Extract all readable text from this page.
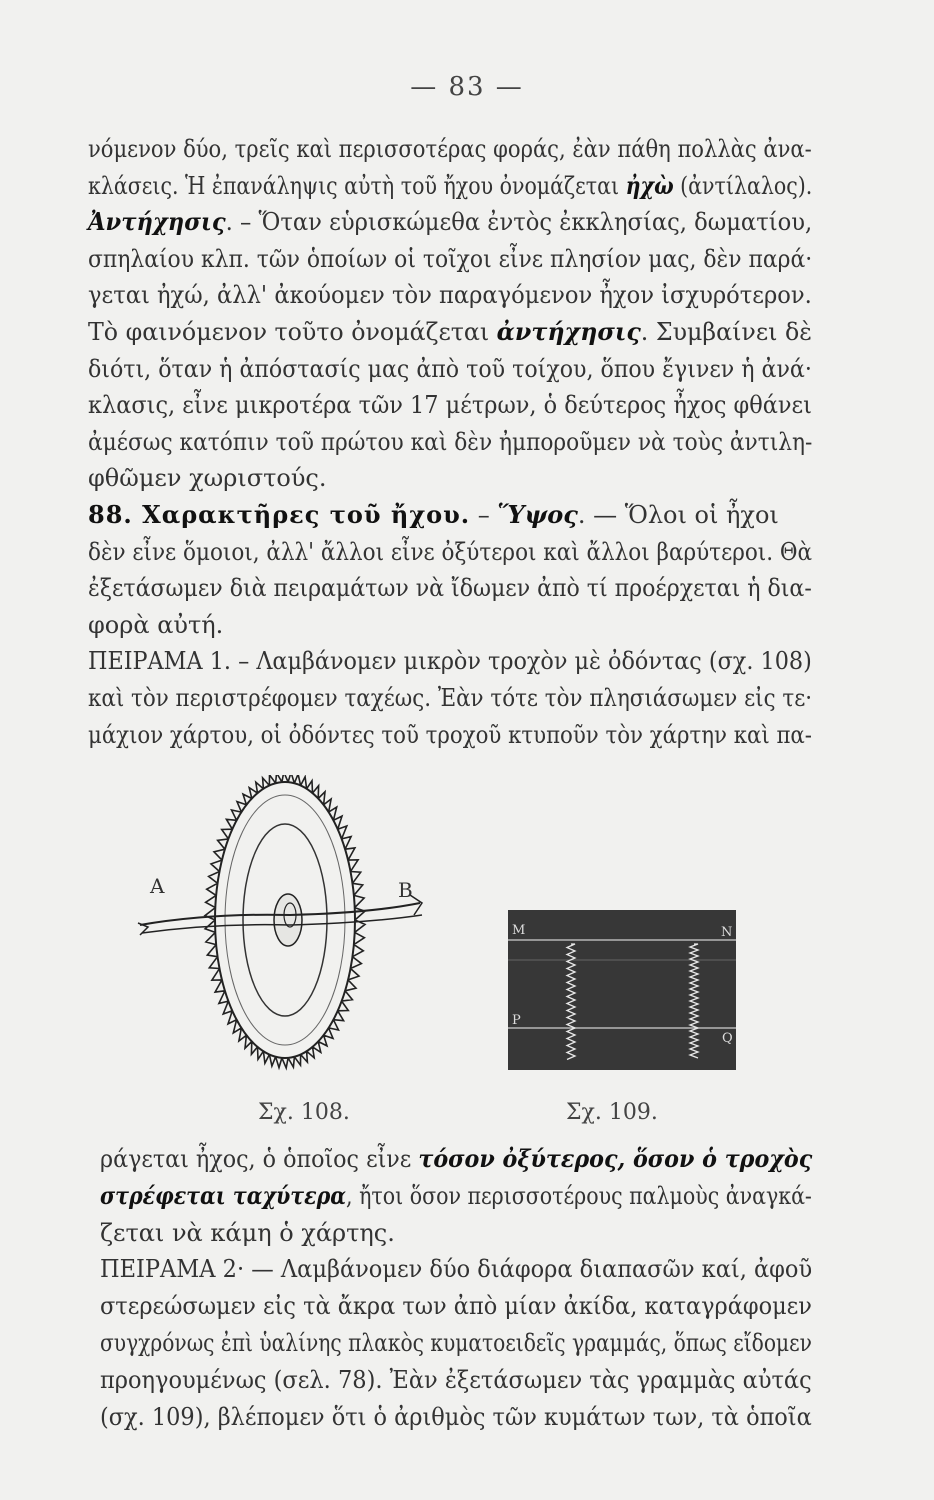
— 83 —
νόμενον δύο, τρεῖς καὶ περισσοτέρας φοράς, ἐὰν πάθη πολλὰς ἀνα-
κλάσεις. Ἡ ἐπανάληψις αὐτὴ τοῦ ἤχου ὀνομάζεται ἠχὼ (ἀντίλαλος).
Ἀντήχησις. – Ὅταν εὑρισκώμεθα ἐντὸς ἐκκλησίας, δωματίου,
σπηλαίου κλπ. τῶν ὁποίων οἱ τοῖχοι εἶνε πλησίον μας, δὲν παρά·
γεται ἠχώ, ἀλλ' ἀκούομεν τὸν παραγόμενον ἦχον ἰσχυρότερον.
Τὸ φαινόμενον τοῦτο ὀνομάζεται ἀντήχησις. Συμβαίνει δὲ
διότι, ὅταν ἡ ἀπόστασίς μας ἀπὸ τοῦ τοίχου, ὅπου ἔγινεν ἡ ἀνά·
κλασις, εἶνε μικροτέρα τῶν 17 μέτρων, ὁ δεύτερος ἦχος φθάνει
ἀμέσως κατόπιν τοῦ πρώτου καὶ δὲν ἠμποροῦμεν νὰ τοὺς ἀντιλη-
φθῶμεν χωριστούς.
88. Χαρακτῆρες τοῦ ἤχου. – Ὕψος. — Ὅλοι οἱ ἦχοι
δὲν εἶνε ὅμοιοι, ἀλλ' ἄλλοι εἶνε ὀξύτεροι καὶ ἄλλοι βαρύτεροι. Θὰ
ἐξετάσωμεν διὰ πειραμάτων νὰ ἴδωμεν ἀπὸ τί προέρχεται ἡ δια-
φορὰ αὐτή.
ΠΕΙΡΑΜΑ 1. – Λαμβάνομεν μικρὸν τροχὸν μὲ ὀδόντας (σχ. 108)
καὶ τὸν περιστρέφομεν ταχέως. Ἐὰν τότε τὸν πλησιάσωμεν εἰς τε·
μάχιον χάρτου, οἱ ὀδόντες τοῦ τροχοῦ κτυποῦν τὸν χάρτην καὶ πα-
A	B
M	N
P
Q
Σχ. 108.	Σχ. 109.
ράγεται ἦχος, ὁ ὁποῖος εἶνε τόσον ὀξύτερος, ὅσον ὁ τροχὸς
στρέφεται ταχύτερα, ἤτοι ὅσον περισσοτέρους παλμοὺς ἀναγκά-
ζεται νὰ κάμη ὁ χάρτης.
ΠΕΙΡΑΜΑ 2· — Λαμβάνομεν δύο διάφορα διαπασῶν καί, ἀφοῦ
στερεώσωμεν εἰς τὰ ἄκρα των ἀπὸ μίαν ἀκίδα, καταγράφομεν
συγχρόνως ἐπὶ ὑαλίνης πλακὸς κυματοειδεῖς γραμμάς, ὅπως εἴδομεν
προηγουμένως (σελ. 78). Ἐὰν ἐξετάσωμεν τὰς γραμμὰς αὐτάς
(σχ. 109), βλέπομεν ὅτι ὁ ἀριθμὸς τῶν κυμάτων των, τὰ ὁποῖα
